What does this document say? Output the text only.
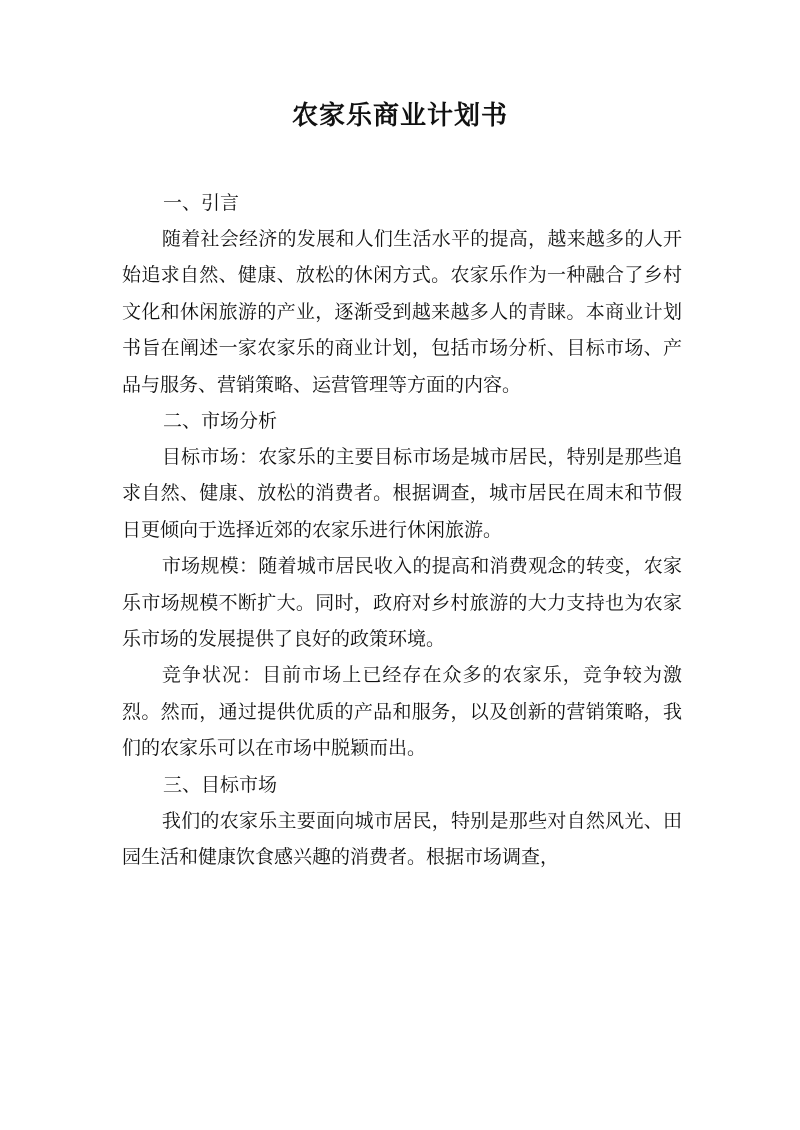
农家乐商业计划书

一、引言

随着社会经济的发展和人们生活水平的提高，越来越多的人开始追求自然、健康、放松的休闲方式。农家乐作为一种融合了乡村文化和休闲旅游的产业，逐渐受到越来越多人的青睐。本商业计划书旨在阐述一家农家乐的商业计划，包括市场分析、目标市场、产品与服务、营销策略、运营管理等方面的内容。

二、市场分析

目标市场：农家乐的主要目标市场是城市居民，特别是那些追求自然、健康、放松的消费者。根据调查，城市居民在周末和节假日更倾向于选择近郊的农家乐进行休闲旅游。

市场规模：随着城市居民收入的提高和消费观念的转变，农家乐市场规模不断扩大。同时，政府对乡村旅游的大力支持也为农家乐市场的发展提供了良好的政策环境。

竞争状况：目前市场上已经存在众多的农家乐，竞争较为激烈。然而，通过提供优质的产品和服务，以及创新的营销策略，我们的农家乐可以在市场中脱颖而出。

三、目标市场

我们的农家乐主要面向城市居民，特别是那些对自然风光、田园生活和健康饮食感兴趣的消费者。根据市场调查，
